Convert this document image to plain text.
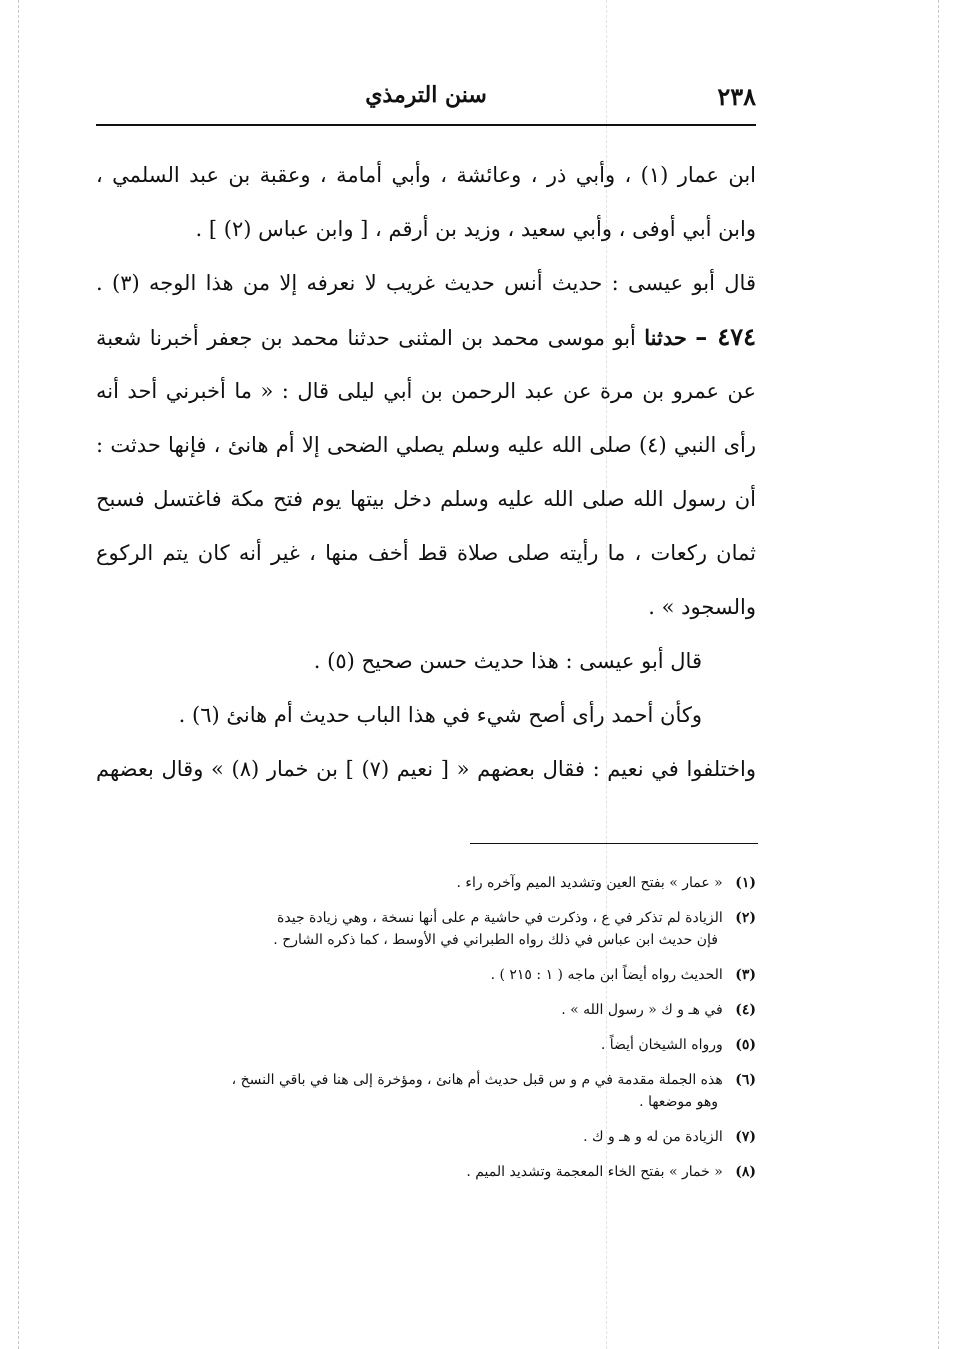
٢٣٨
سنن الترمذي
ابن عمار (١) ، وأبي ذر ، وعائشة ، وأبي أمامة ، وعقبة بن عبد السلمي ،
وابن أبي أوفى ، وأبي سعيد ، وزيد بن أرقم ، [ وابن عباس (٢) ] .
قال أبو عيسى : حديث أنس حديث غريب لا نعرفه إلا من هذا الوجه (٣) .
٤٧٤ – حدثنا أبو موسى محمد بن المثنى حدثنا محمد بن جعفر أخبرنا شعبة
عن عمرو بن مرة عن عبد الرحمن بن أبي ليلى قال : « ما أخبرني أحد أنه
رأى النبي (٤) صلى الله عليه وسلم يصلي الضحى إلا أم هانئ ، فإنها حدثت :
أن رسول الله صلى الله عليه وسلم دخل بيتها يوم فتح مكة فاغتسل فسبح
ثمان ركعات ، ما رأيته صلى صلاة قط أخف منها ، غير أنه كان يتم الركوع
والسجود » .
قال أبو عيسى : هذا حديث حسن صحيح (٥) .
وكأن أحمد رأى أصح شيء في هذا الباب حديث أم هانئ (٦) .
واختلفوا في نعيم : فقال بعضهم « [ نعيم (٧) ] بن خمار (٨) » وقال بعضهم
(١) « عمار » بفتح العين وتشديد الميم وآخره راء .
(٢) الزيادة لم تذكر في ع ، وذكرت في حاشية م على أنها نسخة ، وهي زيادة جيدة
فإن حديث ابن عباس في ذلك رواه الطبراني في الأوسط ، كما ذكره الشارح .
(٣) الحديث رواه أيضاً ابن ماجه ( ١ : ٢١٥ ) .
(٤) في هـ و ك « رسول الله » .
(٥) ورواه الشيخان أيضاً .
(٦) هذه الجملة مقدمة في م و س قبل حديث أم هانئ ، ومؤخرة إلى هنا في باقي النسخ ،
وهو موضعها .
(٧) الزيادة من له و هـ و ك .
(٨) « خمار » بفتح الخاء المعجمة وتشديد الميم .
